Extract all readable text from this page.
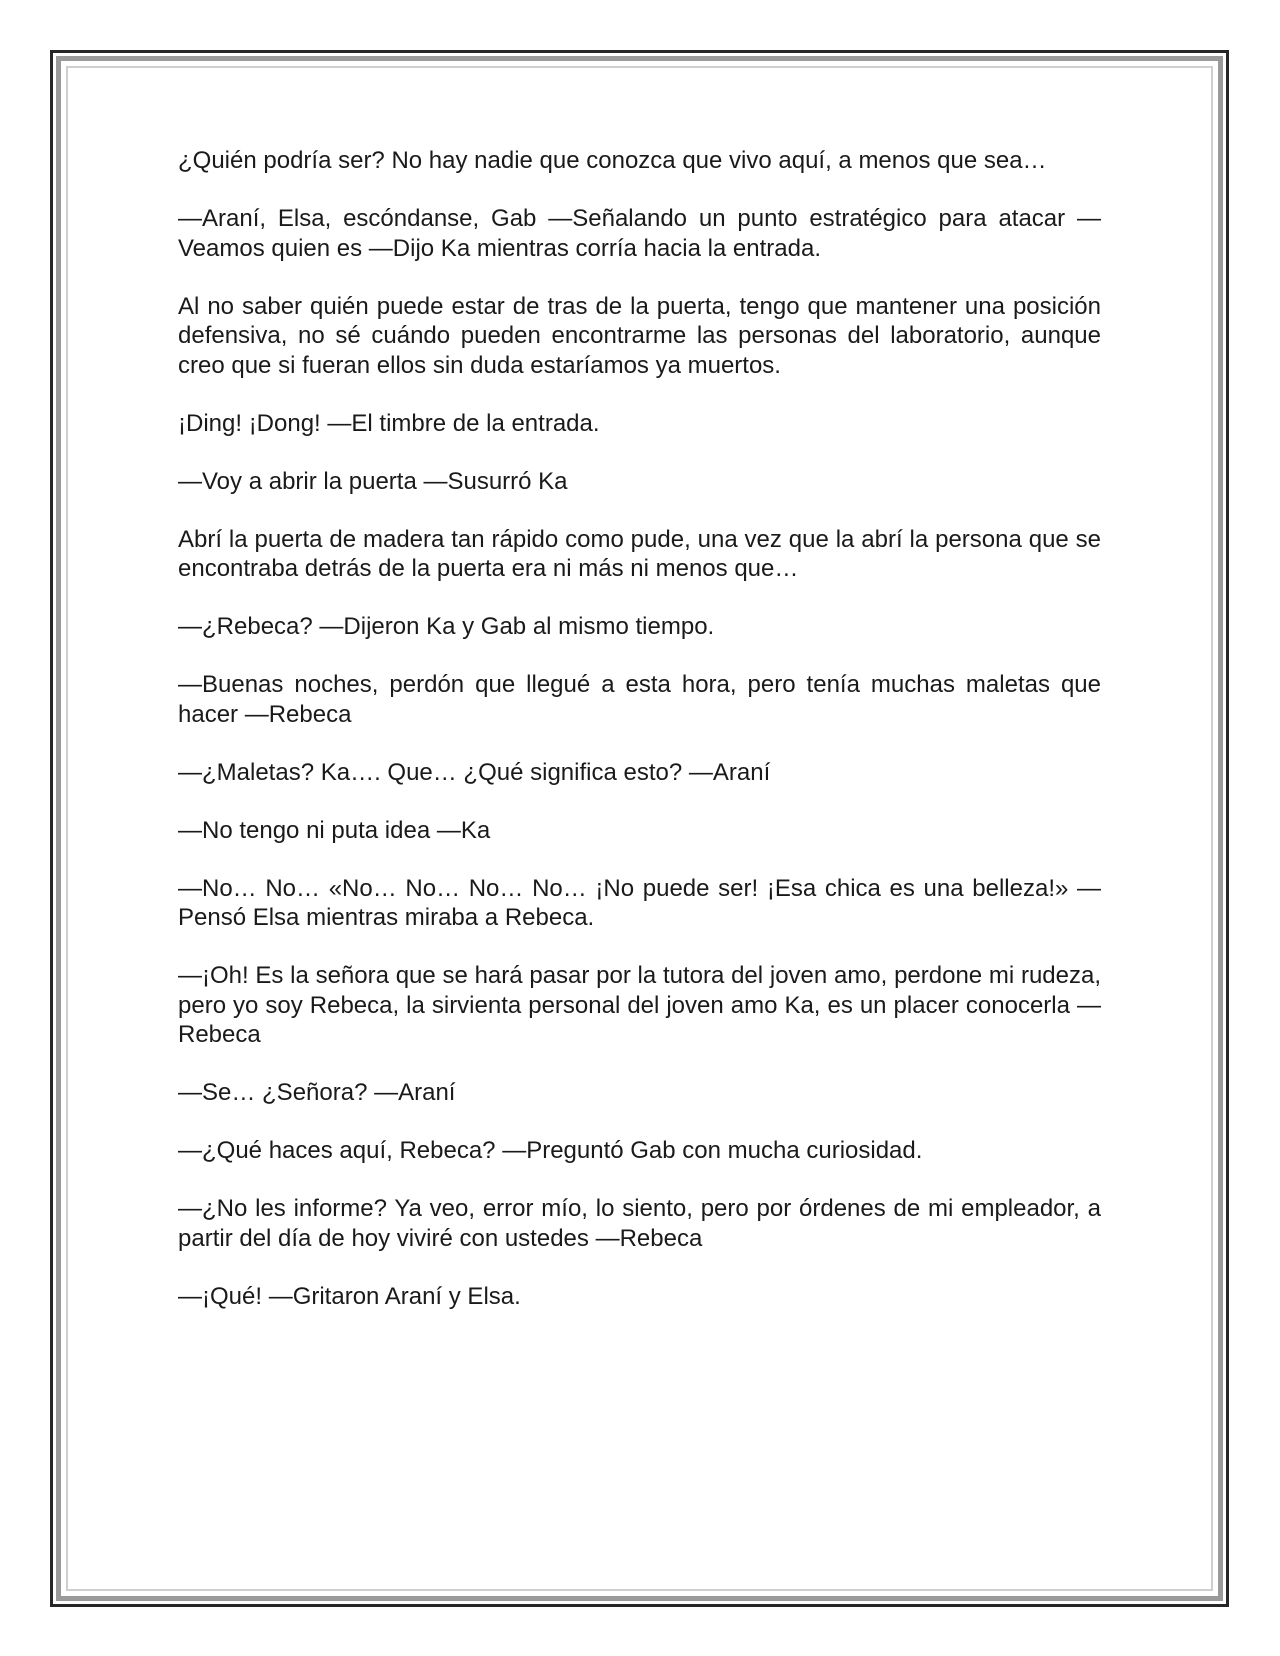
¿Quién podría ser? No hay nadie que conozca que vivo aquí, a menos que sea…

—Araní, Elsa, escóndanse, Gab —Señalando un punto estratégico para atacar —Veamos quien es —Dijo Ka mientras corría hacia la entrada.

Al no saber quién puede estar de tras de la puerta, tengo que mantener una posición defensiva, no sé cuándo pueden encontrarme las personas del laboratorio, aunque creo que si fueran ellos sin duda estaríamos ya muertos.

¡Ding! ¡Dong! —El timbre de la entrada.

—Voy a abrir la puerta —Susurró Ka

Abrí la puerta de madera tan rápido como pude, una vez que la abrí la persona que se encontraba detrás de la puerta era ni más ni menos que…

—¿Rebeca? —Dijeron Ka y Gab al mismo tiempo.

—Buenas noches, perdón que llegué a esta hora, pero tenía muchas maletas que hacer —Rebeca

—¿Maletas? Ka…. Que… ¿Qué significa esto? —Araní

—No tengo ni puta idea —Ka

—No… No… «No… No… No… No… ¡No puede ser! ¡Esa chica es una belleza!» —Pensó Elsa mientras miraba a Rebeca.

—¡Oh! Es la señora que se hará pasar por la tutora del joven amo, perdone mi rudeza, pero yo soy Rebeca, la sirvienta personal del joven amo Ka, es un placer conocerla —Rebeca

—Se… ¿Señora? —Araní

—¿Qué haces aquí, Rebeca? —Preguntó Gab con mucha curiosidad.

—¿No les informe? Ya veo, error mío, lo siento, pero por órdenes de mi empleador, a partir del día de hoy viviré con ustedes —Rebeca

—¡Qué! —Gritaron Araní y Elsa.
